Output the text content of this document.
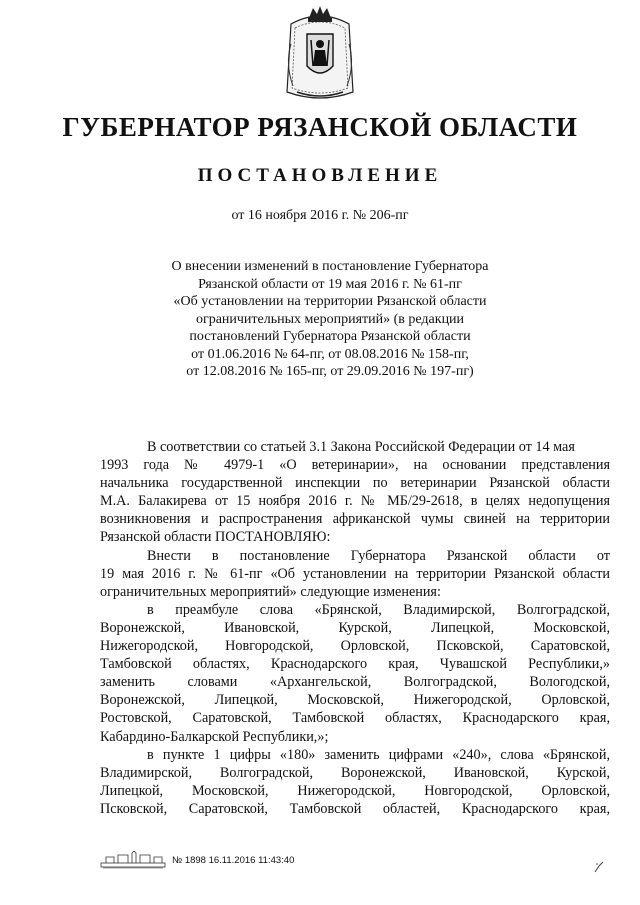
ГУБЕРНАТОР РЯЗАНСКОЙ ОБЛАСТИ
ПОСТАНОВЛЕНИЕ
от 16 ноября 2016 г. № 206-пг
О внесении изменений в постановление Губернатора
Рязанской области от 19 мая 2016 г. № 61-пг
«Об установлении на территории Рязанской области
ограничительных мероприятий» (в редакции
постановлений Губернатора Рязанской области
от 01.06.2016 № 64-пг, от 08.08.2016 № 158-пг,
от 12.08.2016 № 165-пг, от 29.09.2016 № 197-пг)
В соответствии со статьей 3.1 Закона Российской Федерации от 14 мая
1993 года № 4979-1 «О ветеринарии», на основании представления
начальника государственной инспекции по ветеринарии Рязанской области
М.А. Балакирева от 15 ноября 2016 г. № МБ/29-2618, в целях недопущения
возникновения и распространения африканской чумы свиней на территории
Рязанской области ПОСТАНОВЛЯЮ:
Внести в постановление Губернатора Рязанской области от
19 мая 2016 г. № 61-пг «Об установлении на территории Рязанской области
ограничительных мероприятий» следующие изменения:
в преамбуле слова «Брянской, Владимирской, Волгоградской,
Воронежской, Ивановской, Курской, Липецкой, Московской,
Нижегородской, Новгородской, Орловской, Псковской, Саратовской,
Тамбовской областях, Краснодарского края, Чувашской Республики,»
заменить словами «Архангельской, Волгоградской, Вологодской,
Воронежской, Липецкой, Московской, Нижегородской, Орловской,
Ростовской, Саратовской, Тамбовской областях, Краснодарского края,
Кабардино-Балкарской Республики,»;
в пункте 1 цифры «180» заменить цифрами «240», слова «Брянской,
Владимирской, Волгоградской, Воронежской, Ивановской, Курской,
Липецкой, Московской, Нижегородской, Новгородской, Орловской,
Псковской, Саратовской, Тамбовской областей, Краснодарского края,
№ 1898 16.11.2016 11:43:40
